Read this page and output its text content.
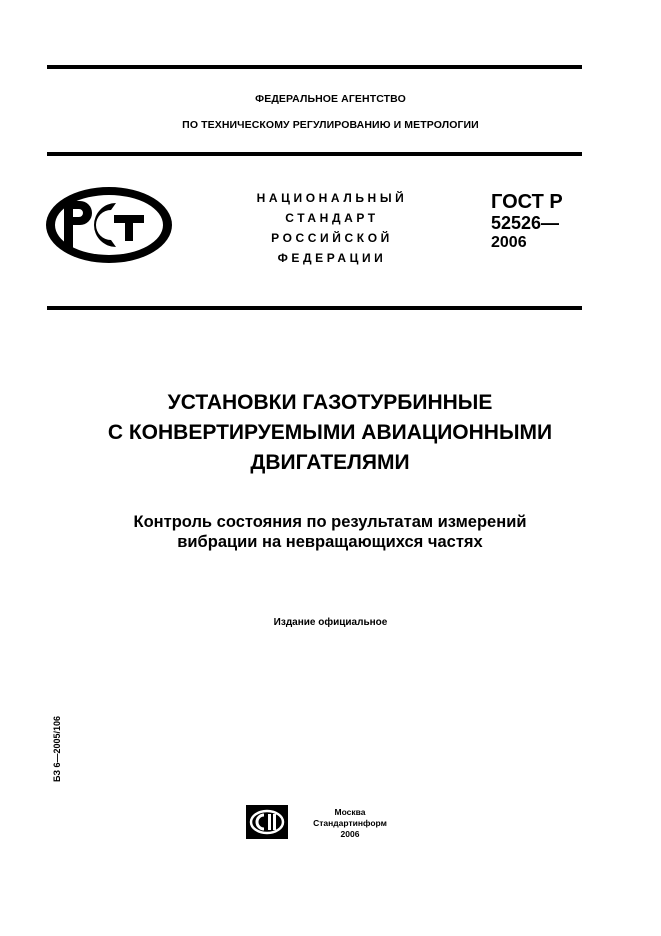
ФЕДЕРАЛЬНОЕ АГЕНТСТВО
ПО ТЕХНИЧЕСКОМУ РЕГУЛИРОВАНИЮ И МЕТРОЛОГИИ
НАЦИОНАЛЬНЫЙ
СТАНДАРТ
РОССИЙСКОЙ
ФЕДЕРАЦИИ
ГОСТ Р
52526—
2006
УСТАНОВКИ ГАЗОТУРБИННЫЕ
С КОНВЕРТИРУЕМЫМИ АВИАЦИОННЫМИ
ДВИГАТЕЛЯМИ
Контроль состояния по результатам измерений
вибрации на невращающихся частях
Издание официальное
БЗ 6—2005/106
Москва
Стандартинформ
2006
